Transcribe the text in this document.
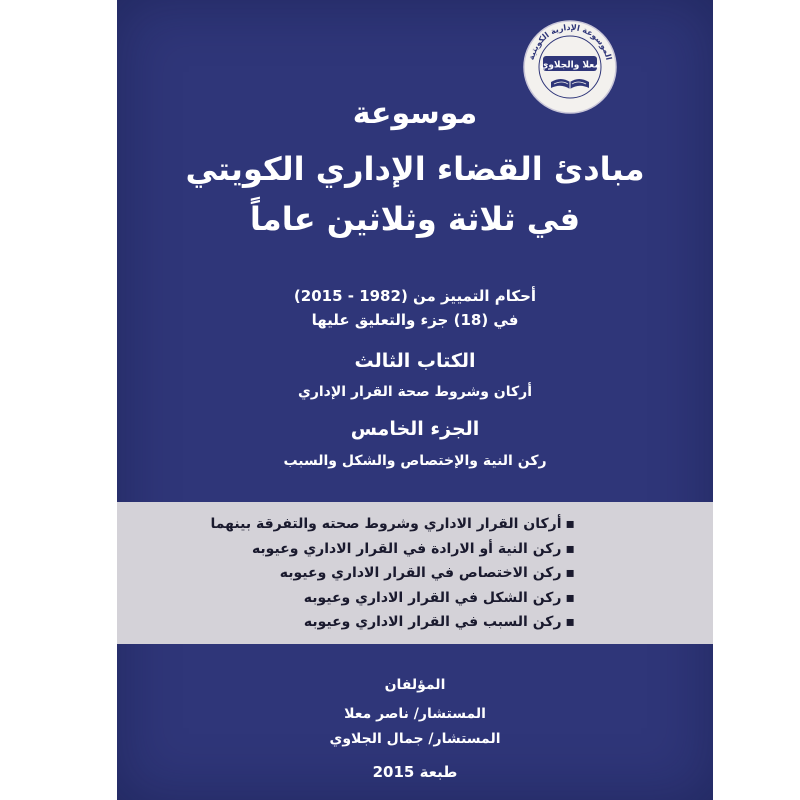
الموسوعة الإدارية الكويتية
معلا والجلاوي
موسوعة
مبادئ القضاء الإداري الكويتي
في ثلاثة وثلاثين عاماً
أحكام التمييز من (1982 - 2015)
في (18) جزء والتعليق عليها
الكتاب الثالث
أركان وشروط صحة القرار الإداري
الجزء الخامس
ركن النية والإختصاص والشكل والسبب
▪أركان القرار الاداري وشروط صحته والتفرقة بينهما
▪ركن النية أو الارادة في القرار الاداري وعيوبه
▪ركن الاختصاص في القرار الاداري وعيوبه
▪ركن الشكل في القرار الاداري وعيوبه
▪ركن السبب في القرار الاداري وعيوبه
المؤلفان
المستشار/ ناصر معلا
المستشار/ جمال الجلاوي
طبعة 2015
